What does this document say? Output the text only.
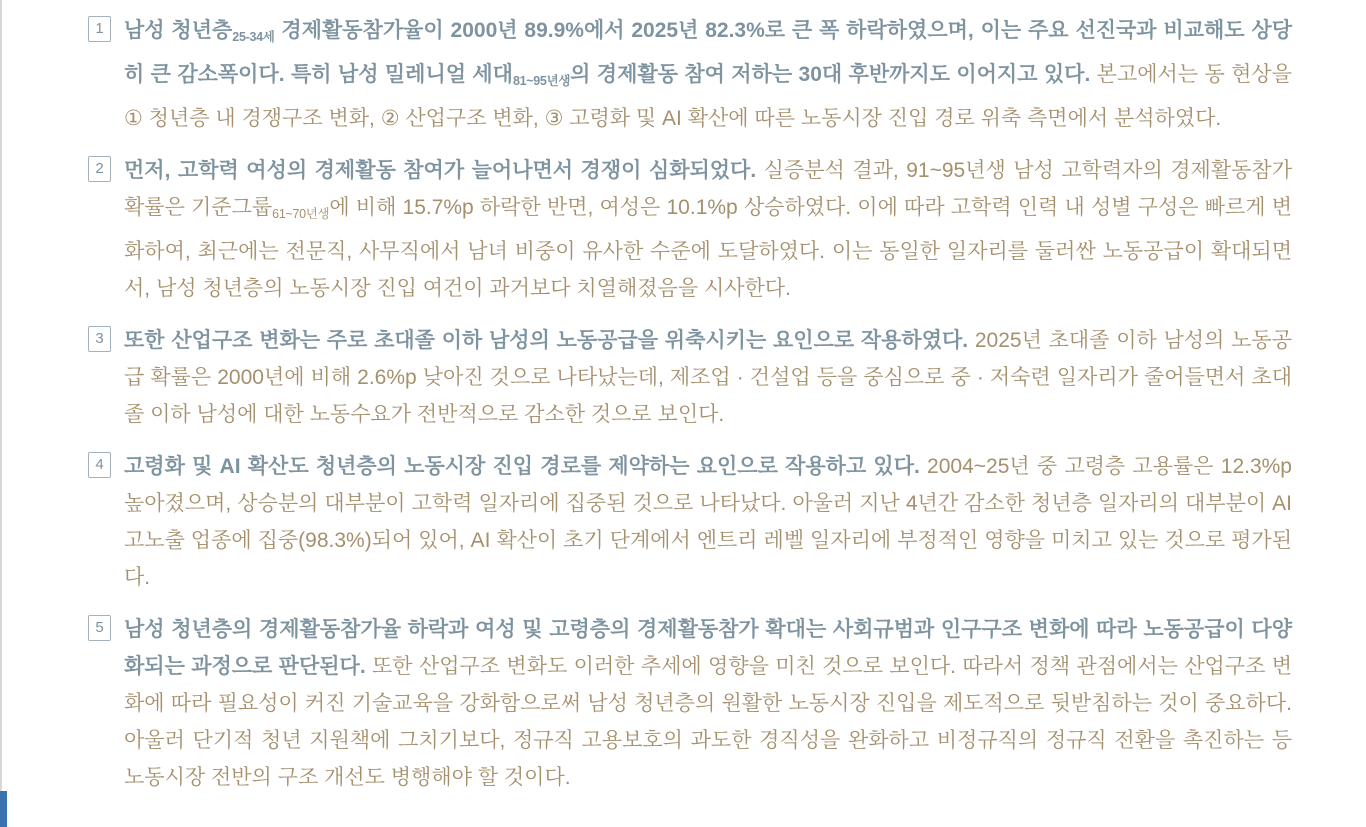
1 남성 청년층$_{25-34세}$ 경제활동참가율이 2000년 89.9%에서 2025년 82.3%로 큰 폭 하락하였으며, 이는 주요 선진국과 비교해도 상당히 큰 감소폭이다. 특히 남성 밀레니얼 세대$_{81\sim 95년생}$의 경제활동 참여 저하는 30대 후반까지도 이어지고 있다. 본고에서는 동 현상을 ① 청년층 내 경쟁구조 변화, ② 산업구조 변화, ③ 고령화 및 AI 확산에 따른 노동시장 진입 경로 위축 측면에서 분석하였다.
2 먼저, 고학력 여성의 경제활동 참여가 늘어나면서 경쟁이 심화되었다. 실증분석 결과, 91~95년생 남성 고학력자의 경제활동참가 확률은 기준그룹$_{61\sim 70년생}$에 비해 15.7%p 하락한 반면, 여성은 10.1%p 상승하였다. 이에 따라 고학력 인력 내 성별 구성은 빠르게 변화하여, 최근에는 전문직, 사무직에서 남녀 비중이 유사한 수준에 도달하였다. 이는 동일한 일자리를 둘러싼 노동공급이 확대되면서, 남성 청년층의 노동시장 진입 여건이 과거보다 치열해졌음을 시사한다.
3 또한 산업구조 변화는 주로 초대졸 이하 남성의 노동공급을 위축시키는 요인으로 작용하였다. 2025년 초대졸 이하 남성의 노동공급 확률은 2000년에 비해 2.6%p 낮아진 것으로 나타났는데, 제조업 · 건설업 등을 중심으로 중 · 저숙련 일자리가 줄어들면서 초대졸 이하 남성에 대한 노동수요가 전반적으로 감소한 것으로 보인다.
4 고령화 및 AI 확산도 청년층의 노동시장 진입 경로를 제약하는 요인으로 작용하고 있다. 2004~25년 중 고령층 고용률은 12.3%p 높아졌으며, 상승분의 대부분이 고학력 일자리에 집중된 것으로 나타났다. 아울러 지난 4년간 감소한 청년층 일자리의 대부분이 AI 고노출 업종에 집중(98.3%)되어 있어, AI 확산이 초기 단계에서 엔트리 레벨 일자리에 부정적인 영향을 미치고 있는 것으로 평가된다.
5 남성 청년층의 경제활동참가율 하락과 여성 및 고령층의 경제활동참가 확대는 사회규범과 인구구조 변화에 따라 노동공급이 다양화되는 과정으로 판단된다. 또한 산업구조 변화도 이러한 추세에 영향을 미친 것으로 보인다. 따라서 정책 관점에서는 산업구조 변화에 따라 필요성이 커진 기술교육을 강화함으로써 남성 청년층의 원활한 노동시장 진입을 제도적으로 뒷받침하는 것이 중요하다. 아울러 단기적 청년 지원책에 그치기보다, 정규직 고용보호의 과도한 경직성을 완화하고 비정규직의 정규직 전환을 촉진하는 등 노동시장 전반의 구조 개선도 병행해야 할 것이다.
